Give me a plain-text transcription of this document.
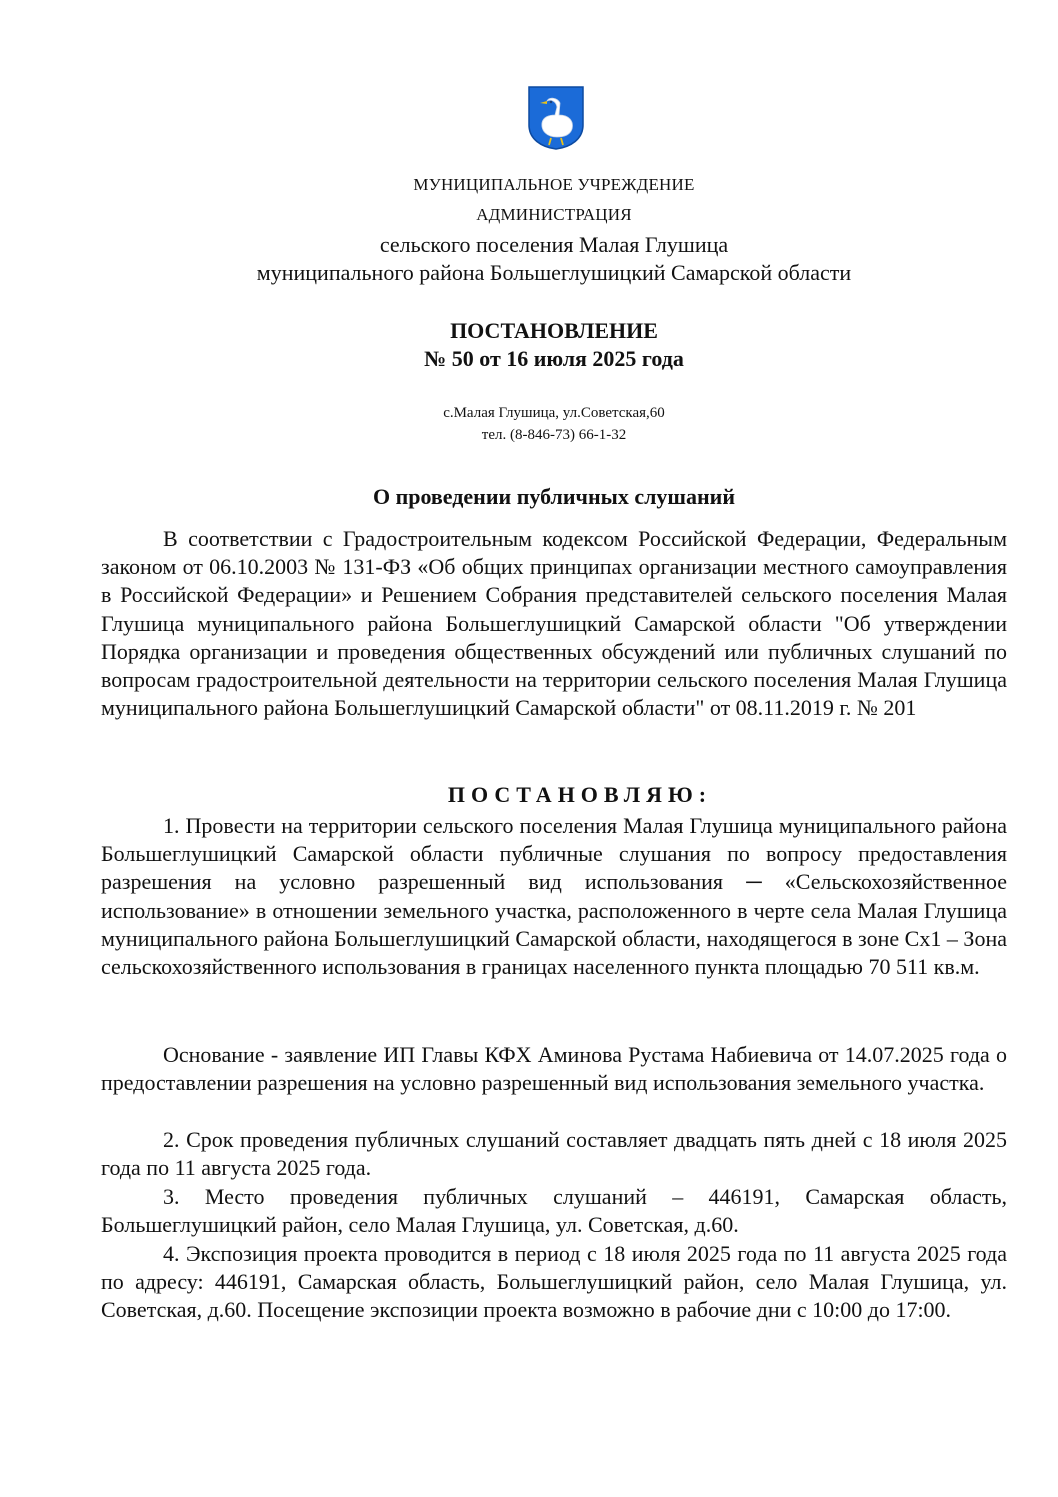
МУНИЦИПАЛЬНОЕ УЧРЕЖДЕНИЕ

АДМИНИСТРАЦИЯ

сельского поселения Малая Глушица

муниципального района Большеглушицкий Самарской области

ПОСТАНОВЛЕНИЕ

№ 50 от 16 июля 2025 года

с.Малая Глушица, ул.Советская,60

тел. (8-846-73) 66-1-32

О проведении публичных слушаний

В соответствии с Градостроительным кодексом Российской Федерации, Федеральным законом от 06.10.2003 № 131-ФЗ «Об общих принципах организации местного самоуправления в Российской Федерации» и Решением Собрания представителей сельского поселения Малая Глушица муниципального района Большеглушицкий Самарской области "Об утверждении Порядка организации и проведения общественных обсуждений или публичных слушаний по вопросам градостроительной деятельности на территории сельского поселения Малая Глушица муниципального района Большеглушицкий Самарской области" от 08.11.2019 г. № 201

ПОСТАНОВЛЯЮ:

1. Провести на территории сельского поселения Малая Глушица муниципального района Большеглушицкий Самарской области публичные слушания по вопросу предоставления разрешения на условно разрешенный вид использования ─ «Сельскохозяйственное использование» в отношении земельного участка, расположенного в черте села Малая Глушица муниципального района Большеглушицкий Самарской области, находящегося в зоне Сх1 – Зона сельскохозяйственного использования в границах населенного пункта площадью 70 511 кв.м.

Основание - заявление ИП Главы КФХ Аминова Рустама Набиевича от 14.07.2025 года о предоставлении разрешения на условно разрешенный вид использования земельного участка.

2. Срок проведения публичных слушаний составляет двадцать пять дней с 18 июля 2025 года по 11 августа 2025 года.

3. Место проведения публичных слушаний – 446191, Самарская область, Большеглушицкий район, село Малая Глушица, ул. Советская, д.60.

4. Экспозиция проекта проводится в период с 18 июля 2025 года по 11 августа 2025 года по адресу: 446191, Самарская область, Большеглушицкий район, село Малая Глушица, ул. Советская, д.60. Посещение экспозиции проекта возможно в рабочие дни с 10:00 до 17:00.
